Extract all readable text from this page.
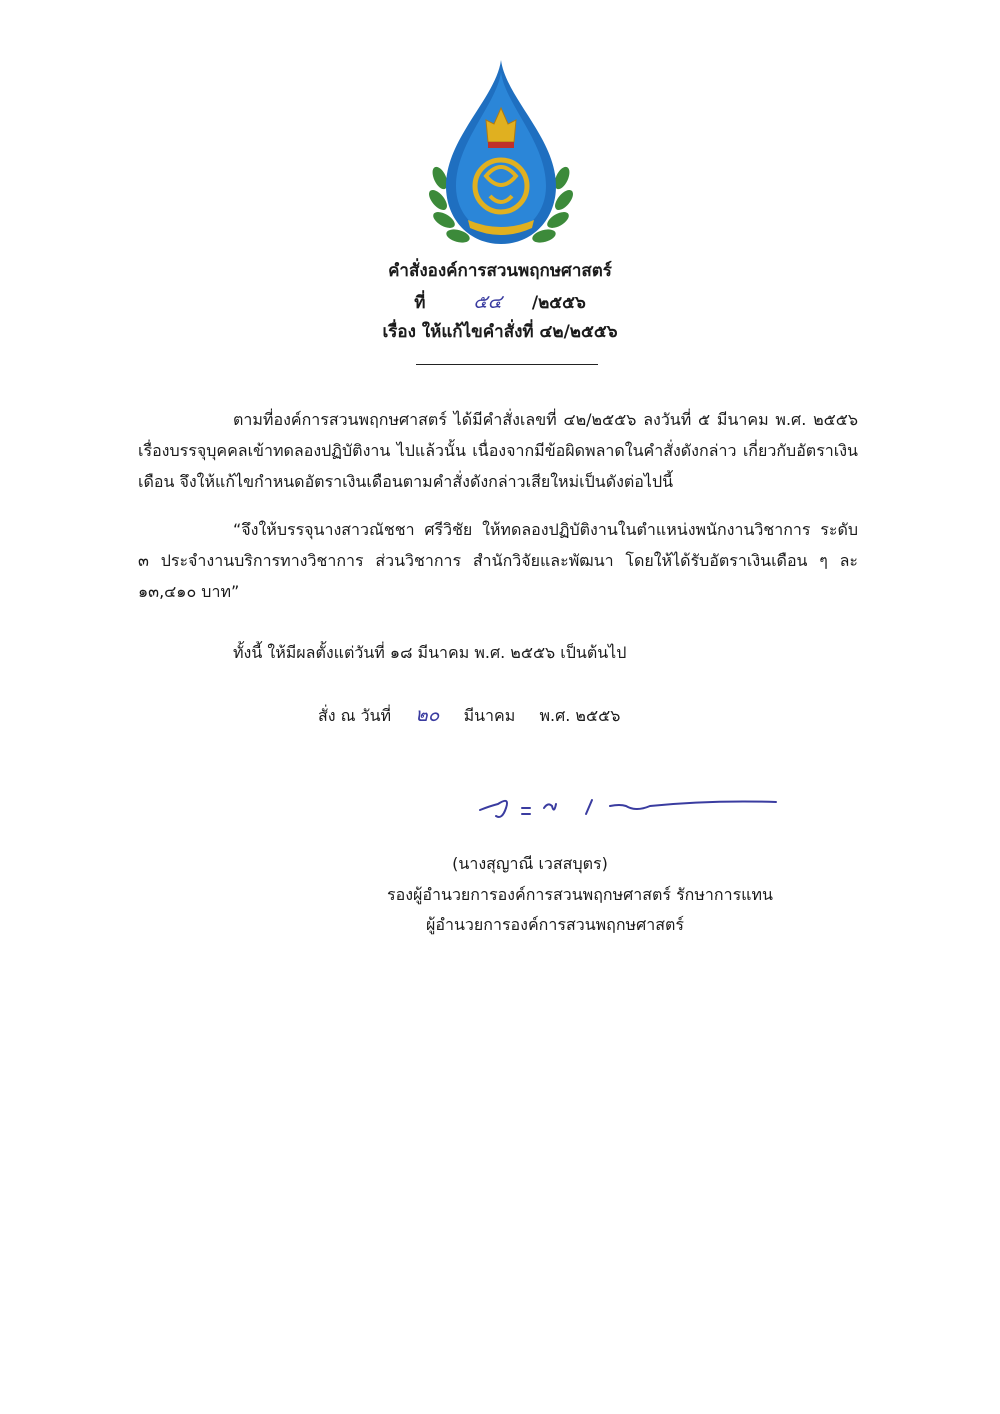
คำสั่งองค์การสวนพฤกษศาสตร์
ที่	๕๔ /๒๕๕๖
เรื่อง ให้แก้ไขคำสั่งที่ ๔๒/๒๕๕๖
ตามที่องค์การสวนพฤกษศาสตร์ ได้มีคำสั่งเลขที่ ๔๒/๒๕๕๖ ลงวันที่ ๕ มีนาคม พ.ศ. ๒๕๕๖ เรื่องบรรจุบุคคลเข้าทดลองปฏิบัติงาน ไปแล้วนั้น เนื่องจากมีข้อผิดพลาดในคำสั่งดังกล่าว เกี่ยวกับอัตราเงินเดือน จึงให้แก้ไขกำหนดอัตราเงินเดือนตามคำสั่งดังกล่าวเสียใหม่เป็นดังต่อไปนี้
“จึงให้บรรจุนางสาวณัชชา ศรีวิชัย ให้ทดลองปฏิบัติงานในตำแหน่งพนักงานวิชาการ ระดับ ๓ ประจำงานบริการทางวิชาการ ส่วนวิชาการ สำนักวิจัยและพัฒนา โดยให้ได้รับอัตราเงินเดือน ๆ ละ ๑๓,๔๑๐ บาท”
ทั้งนี้ ให้มีผลตั้งแต่วันที่ ๑๘ มีนาคม พ.ศ. ๒๕๕๖ เป็นต้นไป
สั่ง ณ วันที่ ๒๐ มีนาคม พ.ศ. ๒๕๕๖
(นางสุญาณี เวสสบุตร)
รองผู้อำนวยการองค์การสวนพฤกษศาสตร์ รักษาการแทน
ผู้อำนวยการองค์การสวนพฤกษศาสตร์
